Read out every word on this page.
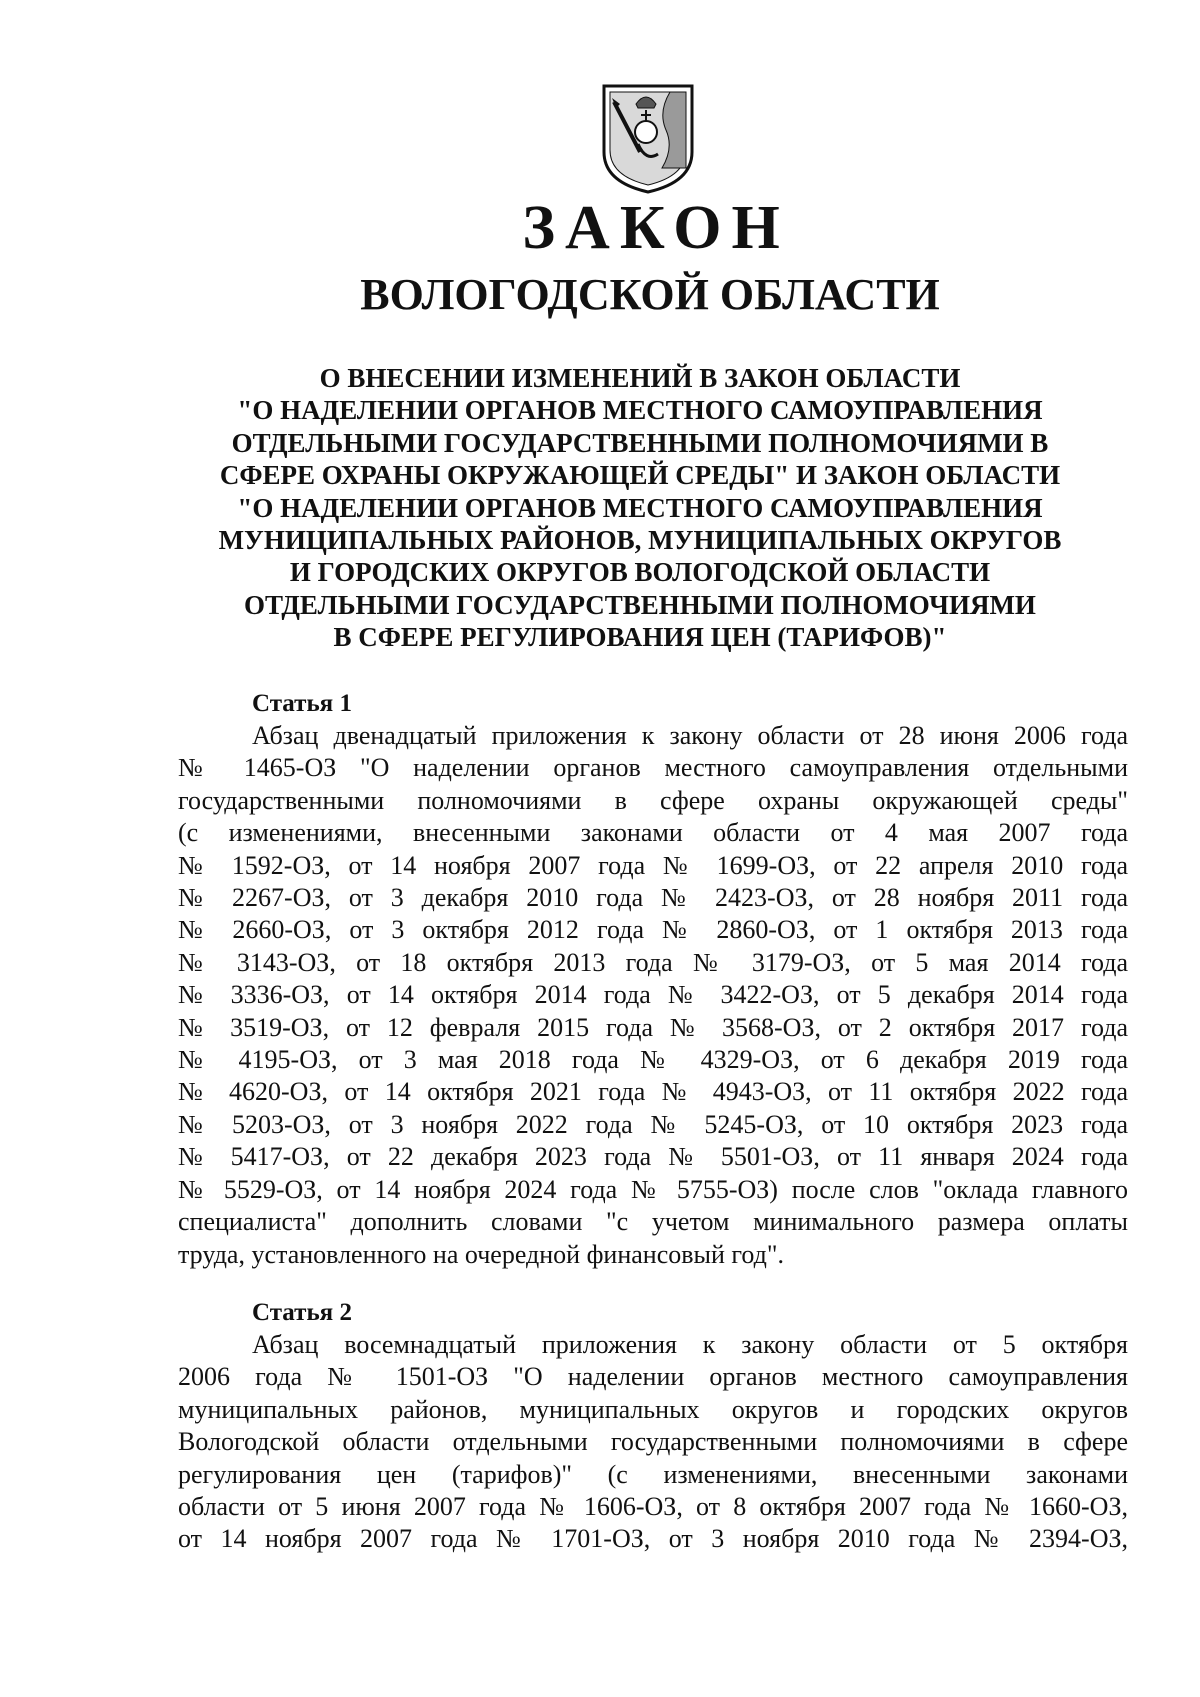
ЗАКОН
ВОЛОГОДСКОЙ ОБЛАСТИ
О ВНЕСЕНИИ ИЗМЕНЕНИЙ В ЗАКОН ОБЛАСТИ
"О НАДЕЛЕНИИ ОРГАНОВ МЕСТНОГО САМОУПРАВЛЕНИЯ
ОТДЕЛЬНЫМИ ГОСУДАРСТВЕННЫМИ ПОЛНОМОЧИЯМИ В
СФЕРЕ ОХРАНЫ ОКРУЖАЮЩЕЙ СРЕДЫ" И ЗАКОН ОБЛАСТИ
"О НАДЕЛЕНИИ ОРГАНОВ МЕСТНОГО САМОУПРАВЛЕНИЯ
МУНИЦИПАЛЬНЫХ РАЙОНОВ, МУНИЦИПАЛЬНЫХ ОКРУГОВ
И ГОРОДСКИХ ОКРУГОВ ВОЛОГОДСКОЙ ОБЛАСТИ
ОТДЕЛЬНЫМИ ГОСУДАРСТВЕННЫМИ ПОЛНОМОЧИЯМИ
В СФЕРЕ РЕГУЛИРОВАНИЯ ЦЕН (ТАРИФОВ)"
Статья 1
Абзац двенадцатый приложения к закону области от 28 июня 2006 года
№ 1465-ОЗ "О наделении органов местного самоуправления отдельными
государственными полномочиями в сфере охраны окружающей среды"
(с изменениями, внесенными законами области от 4 мая 2007 года
№ 1592-ОЗ, от 14 ноября 2007 года № 1699-ОЗ, от 22 апреля 2010 года
№ 2267-ОЗ, от 3 декабря 2010 года № 2423-ОЗ, от 28 ноября 2011 года
№ 2660-ОЗ, от 3 октября 2012 года № 2860-ОЗ, от 1 октября 2013 года
№ 3143-ОЗ, от 18 октября 2013 года № 3179-ОЗ, от 5 мая 2014 года
№ 3336-ОЗ, от 14 октября 2014 года № 3422-ОЗ, от 5 декабря 2014 года
№ 3519-ОЗ, от 12 февраля 2015 года № 3568-ОЗ, от 2 октября 2017 года
№ 4195-ОЗ, от 3 мая 2018 года № 4329-ОЗ, от 6 декабря 2019 года
№ 4620-ОЗ, от 14 октября 2021 года № 4943-ОЗ, от 11 октября 2022 года
№ 5203-ОЗ, от 3 ноября 2022 года № 5245-ОЗ, от 10 октября 2023 года
№ 5417-ОЗ, от 22 декабря 2023 года № 5501-ОЗ, от 11 января 2024 года
№ 5529-ОЗ, от 14 ноября 2024 года № 5755-ОЗ) после слов "оклада главного
специалиста" дополнить словами "с учетом минимального размера оплаты
труда, установленного на очередной финансовый год".
Статья 2
Абзац восемнадцатый приложения к закону области от 5 октября
2006 года № 1501-ОЗ "О наделении органов местного самоуправления
муниципальных районов, муниципальных округов и городских округов
Вологодской области отдельными государственными полномочиями в сфере
регулирования цен (тарифов)" (с изменениями, внесенными законами
области от 5 июня 2007 года № 1606-ОЗ, от 8 октября 2007 года № 1660-ОЗ,
от 14 ноября 2007 года № 1701-ОЗ, от 3 ноября 2010 года № 2394-ОЗ,
